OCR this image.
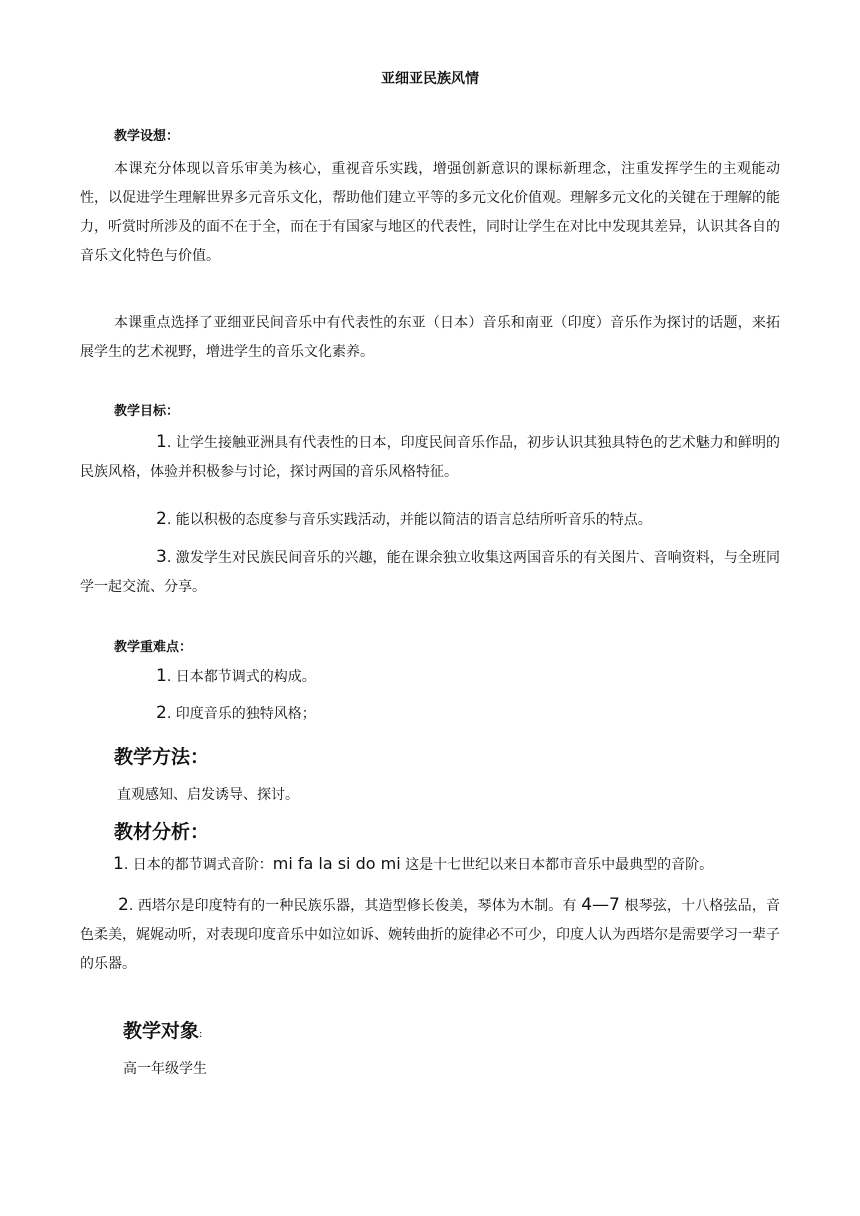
亚细亚民族风情
教学设想：
本课充分体现以音乐审美为核心，重视音乐实践，增强创新意识的课标新理念，注重发挥学生的主观能动性，以促进学生理解世界多元音乐文化，帮助他们建立平等的多元文化价值观。理解多元文化的关键在于理解的能力，听赏时所涉及的面不在于全，而在于有国家与地区的代表性，同时让学生在对比中发现其差异，认识其各自的音乐文化特色与价值。
本课重点选择了亚细亚民间音乐中有代表性的东亚（日本）音乐和南亚（印度）音乐作为探讨的话题，来拓展学生的艺术视野，增进学生的音乐文化素养。
教学目标：
1. 让学生接触亚洲具有代表性的日本，印度民间音乐作品，初步认识其独具特色的艺术魅力和鲜明的民族风格，体验并积极参与讨论，探讨两国的音乐风格特征。
2. 能以积极的态度参与音乐实践活动，并能以简洁的语言总结所听音乐的特点。
3. 激发学生对民族民间音乐的兴趣，能在课余独立收集这两国音乐的有关图片、音响资料，与全班同学一起交流、分享。
教学重难点：
1. 日本都节调式的构成。
2. 印度音乐的独特风格；
教学方法：
直观感知、启发诱导、探讨。
教材分析：
1. 日本的都节调式音阶：mi fa la si do mi 这是十七世纪以来日本都市音乐中最典型的音阶。
2. 西塔尔是印度特有的一种民族乐器，其造型修长俊美，琴体为木制。有 4—7 根琴弦，十八格弦品，音色柔美，娓娓动听，对表现印度音乐中如泣如诉、婉转曲折的旋律必不可少，印度人认为西塔尔是需要学习一辈子的乐器。
教学对象:
高一年级学生
